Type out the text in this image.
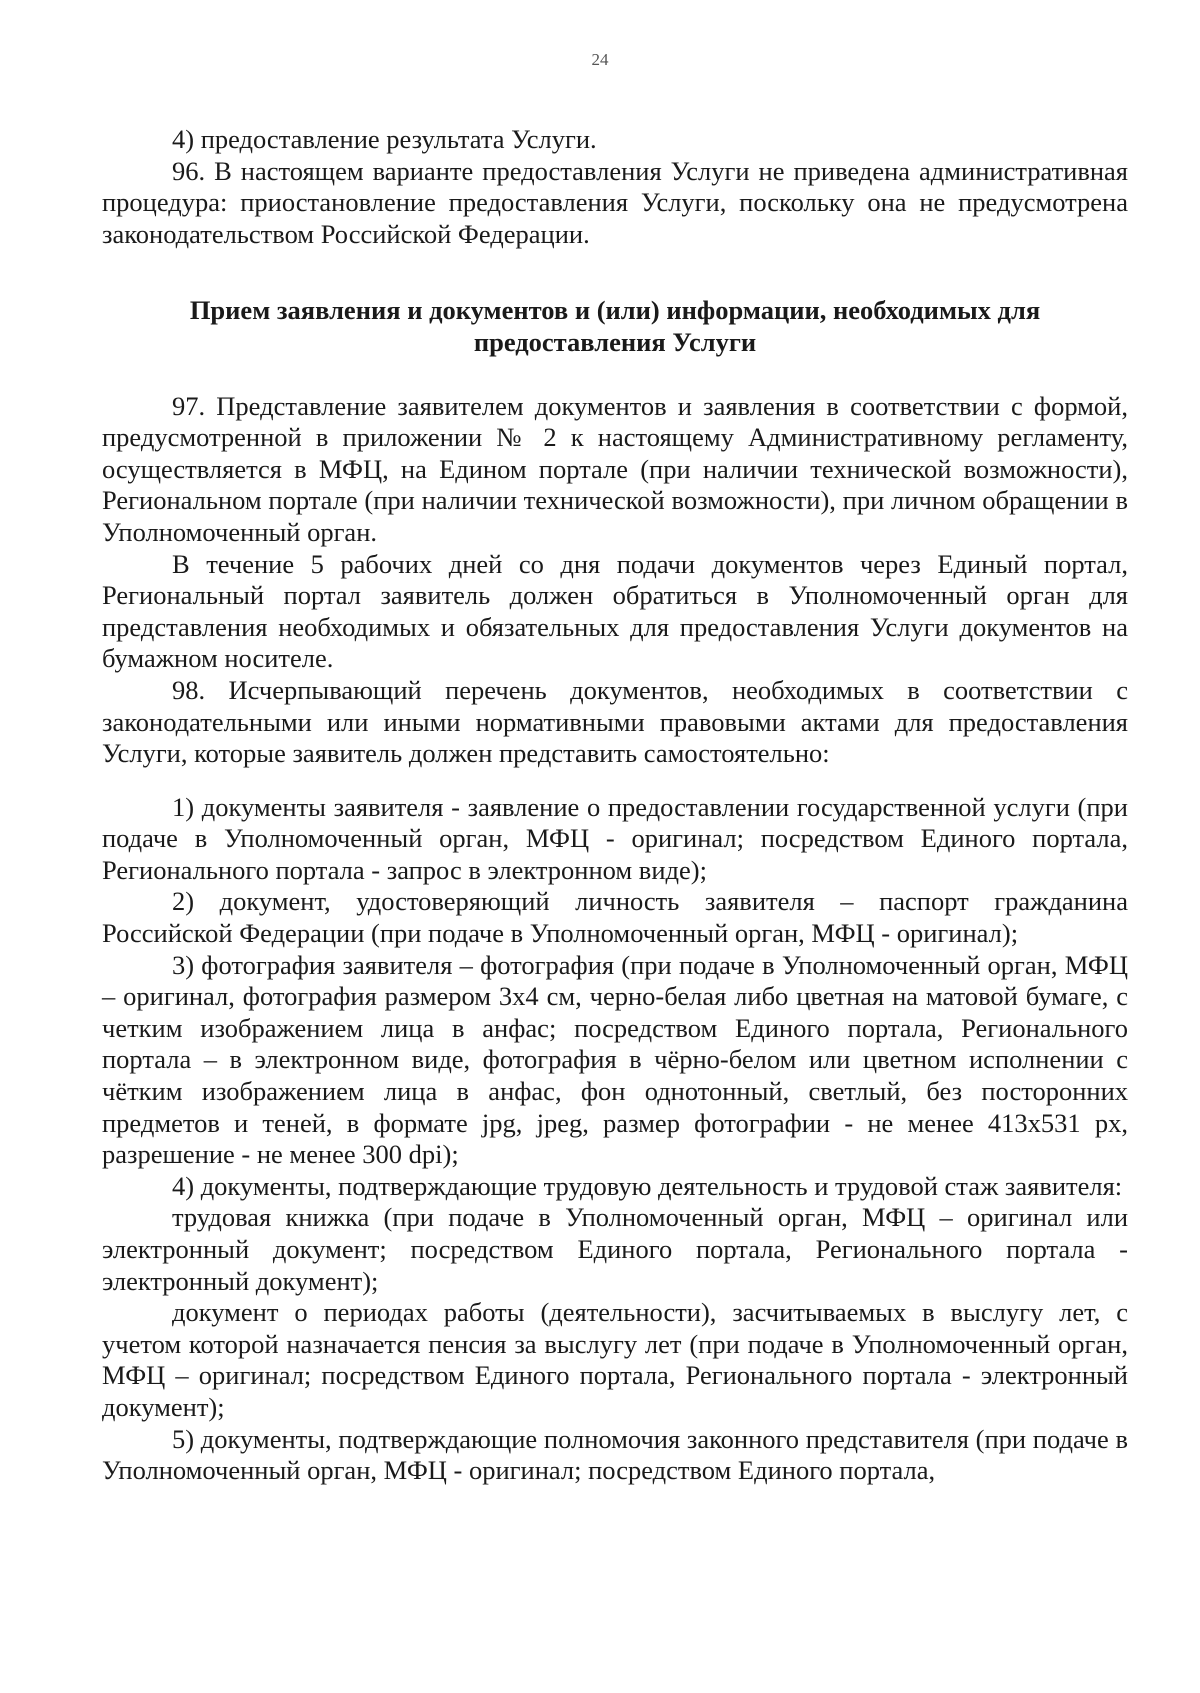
24

4) предоставление результата Услуги.

96. В настоящем варианте предоставления Услуги не приведена административная процедура: приостановление предоставления Услуги, поскольку она не предусмотрена законодательством Российской Федерации.

Прием заявления и документов и (или) информации, необходимых для предоставления Услуги

97. Представление заявителем документов и заявления в соответствии с формой, предусмотренной в приложении № 2 к настоящему Административному регламенту, осуществляется в МФЦ, на Едином портале (при наличии технической возможности), Региональном портале (при наличии технической возможности), при личном обращении в Уполномоченный орган.

В течение 5 рабочих дней со дня подачи документов через Единый портал, Региональный портал заявитель должен обратиться в Уполномоченный орган для представления необходимых и обязательных для предоставления Услуги документов на бумажном носителе.

98. Исчерпывающий перечень документов, необходимых в соответствии с законодательными или иными нормативными правовыми актами для предоставления Услуги, которые заявитель должен представить самостоятельно:

1) документы заявителя - заявление о предоставлении государственной услуги (при подаче в Уполномоченный орган, МФЦ - оригинал; посредством Единого портала, Регионального портала - запрос в электронном виде);

2) документ, удостоверяющий личность заявителя – паспорт гражданина Российской Федерации (при подаче в Уполномоченный орган, МФЦ - оригинал);

3) фотография заявителя – фотография (при подаче в Уполномоченный орган, МФЦ – оригинал, фотография размером 3x4 см, черно-белая либо цветная на матовой бумаге, с четким изображением лица в анфас; посредством Единого портала, Регионального портала – в электронном виде, фотография в чёрно-белом или цветном исполнении с чётким изображением лица в анфас, фон однотонный, светлый, без посторонних предметов и теней, в формате jpg, jpeg, размер фотографии - не менее 413x531 px, разрешение - не менее 300 dpi);

4) документы, подтверждающие трудовую деятельность и трудовой стаж заявителя:

трудовая книжка (при подаче в Уполномоченный орган, МФЦ – оригинал или электронный документ; посредством Единого портала, Регионального портала - электронный документ);

документ о периодах работы (деятельности), засчитываемых в выслугу лет, с учетом которой назначается пенсия за выслугу лет (при подаче в Уполномоченный орган, МФЦ – оригинал; посредством Единого портала, Регионального портала - электронный документ);

5) документы, подтверждающие полномочия законного представителя (при подаче в Уполномоченный орган, МФЦ - оригинал; посредством Единого портала,
